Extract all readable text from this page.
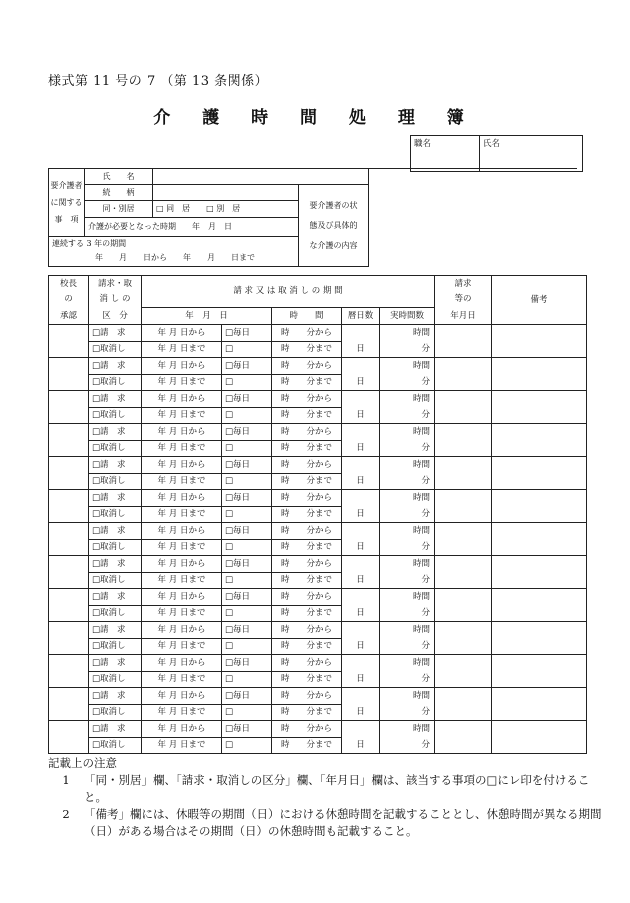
様式第 11 号の 7 （第 13 条関係）
介 護 時 間 処 理 簿
職名	氏名
要介護者
に関する
事　項	氏　　名			
	続　　柄		要介護者の状
態及び具体的
な介護の内容	

	同・別居	□ 同　居　　□ 別　居		
	介護が必要となった時期　　 年　月　日			
連続する 3 年の期間				
年　　月　　日から　　 年　　月　　日まで				
校長	請求・取	請 求 又 は 取 消 し の 期 間					請求	備考
の	消 し の						等の	
承認	区　分	年　月　日		時　　間	暦日数	実時間数	年月日	
	□請　求	年 月 日から	□毎日	時　　分から		時間		
	□取消し	年 月 日まで	□	時　　分まで	日	分		
	□請　求	年 月 日から	□毎日	時　　分から		時間		
	□取消し	年 月 日まで	□	時　　分まで	日	分		
	□請　求	年 月 日から	□毎日	時　　分から		時間		
	□取消し	年 月 日まで	□	時　　分まで	日	分		
	□請　求	年 月 日から	□毎日	時　　分から		時間		
	□取消し	年 月 日まで	□	時　　分まで	日	分		
	□請　求	年 月 日から	□毎日	時　　分から		時間		
	□取消し	年 月 日まで	□	時　　分まで	日	分		
	□請　求	年 月 日から	□毎日	時　　分から		時間		
	□取消し	年 月 日まで	□	時　　分まで	日	分		
	□請　求	年 月 日から	□毎日	時　　分から		時間		
	□取消し	年 月 日まで	□	時　　分まで	日	分		
	□請　求	年 月 日から	□毎日	時　　分から		時間		
	□取消し	年 月 日まで	□	時　　分まで	日	分		
	□請　求	年 月 日から	□毎日	時　　分から		時間		
	□取消し	年 月 日まで	□	時　　分まで	日	分		
	□請　求	年 月 日から	□毎日	時　　分から		時間		
	□取消し	年 月 日まで	□	時　　分まで	日	分		
	□請　求	年 月 日から	□毎日	時　　分から		時間		
	□取消し	年 月 日まで	□	時　　分まで	日	分		
	□請　求	年 月 日から	□毎日	時　　分から		時間		
	□取消し	年 月 日まで	□	時　　分まで	日	分		
	□請　求	年 月 日から	□毎日	時　　分から		時間		
	□取消し	年 月 日まで	□	時　　分まで	日	分		
記載上の注意
1	「同・別居」欄、「請求・取消しの区分」欄、「年月日」欄は、該当する事項の□にレ印を付けること。
2	「備考」欄には、休暇等の期間（日）における休憩時間を記載することとし、休憩時間が異なる期間（日）がある場合はその期間（日）の休憩時間も記載すること。
